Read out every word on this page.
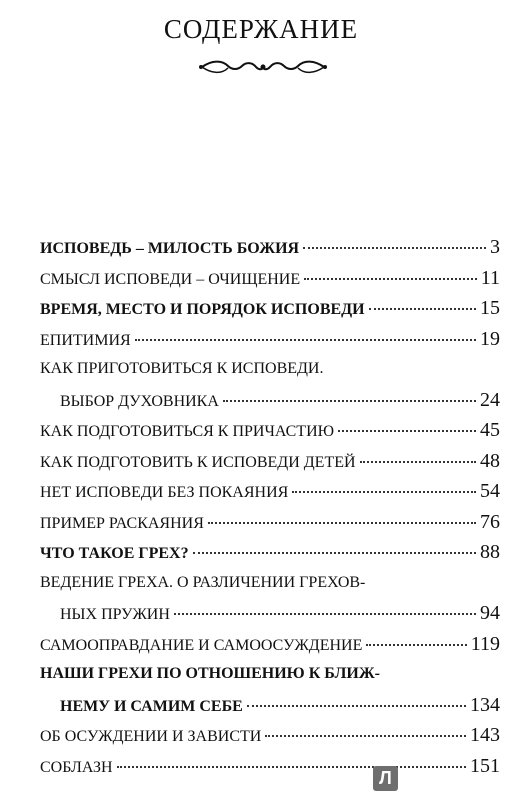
СОДЕРЖАНИЕ
ИСПОВЕДЬ – МИЛОСТЬ БОЖИЯ	3
СМЫСЛ ИСПОВЕДИ – ОЧИЩЕНИЕ	11
ВРЕМЯ, МЕСТО И ПОРЯДОК ИСПОВЕДИ	15
ЕПИТИМИЯ	19
КАК ПРИГОТОВИТЬСЯ К ИСПОВЕДИ.
ВЫБОР ДУХОВНИКА	24
КАК ПОДГОТОВИТЬСЯ К ПРИЧАСТИЮ	45
КАК ПОДГОТОВИТЬ К ИСПОВЕДИ ДЕТЕЙ	48
НЕТ ИСПОВЕДИ БЕЗ ПОКАЯНИЯ	54
ПРИМЕР РАСКАЯНИЯ	76
ЧТО ТАКОЕ ГРЕХ?	88
ВЕДЕНИЕ ГРЕХА. О РАЗЛИЧЕНИИ ГРЕХОВ-
НЫХ ПРУЖИН	94
САМООПРАВДАНИЕ И САМООСУЖДЕНИЕ	119
НАШИ ГРЕХИ ПО ОТНОШЕНИЮ К БЛИЖ-
НЕМУ И САМИМ СЕБЕ	134
ОБ ОСУЖДЕНИИ И ЗАВИСТИ	143
СОБЛАЗН	151
Л
